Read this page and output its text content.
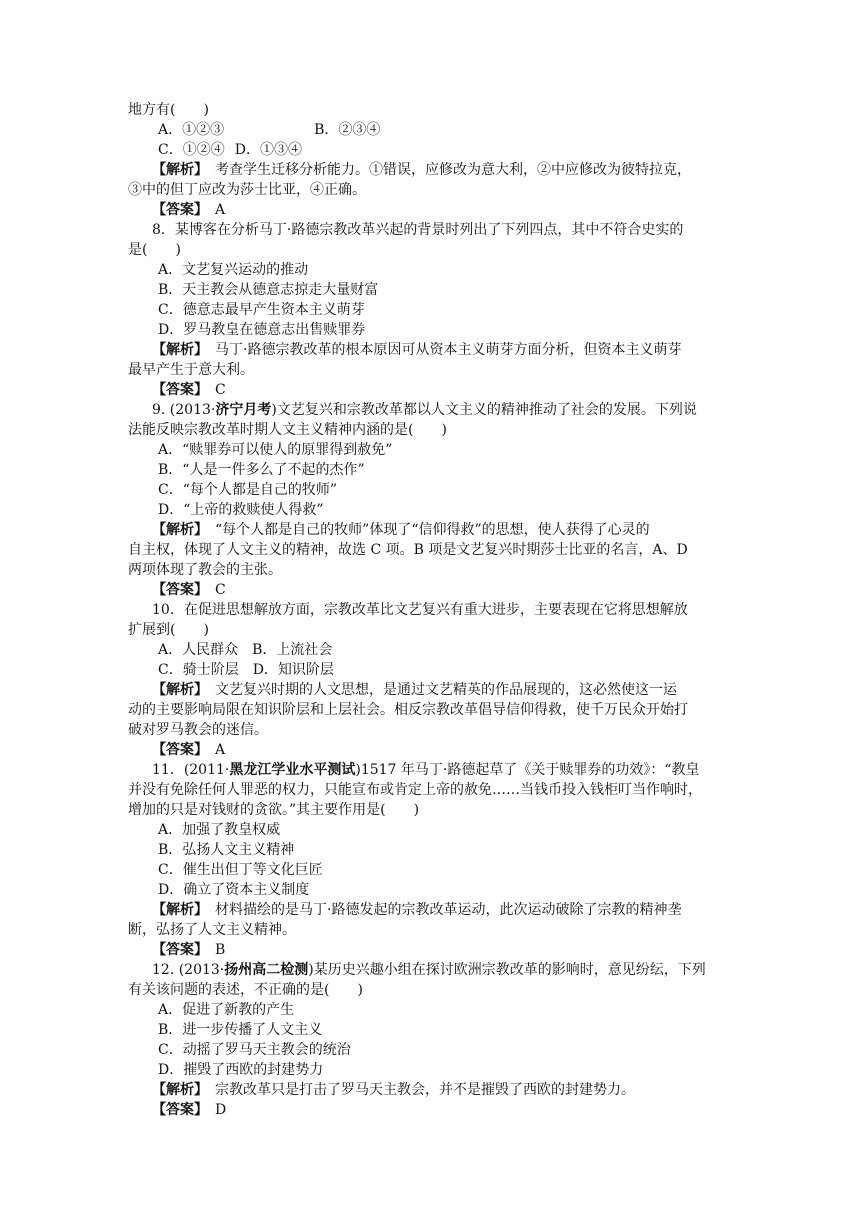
地方有(　　)
A．①②③	B．②③④
C．①②④ D．①③④
【解析】　 考查学生迁移分析能力。①错误，应修改为意大利，②中应修改为彼特拉克，
③中的但丁应改为莎士比亚，④正确。
【答案】　 A
8．某博客在分析马丁·路德宗教改革兴起的背景时列出了下列四点，其中不符合史实的
是(　　)
A．文艺复兴运动的推动
B．天主教会从德意志掠走大量财富
C．德意志最早产生资本主义萌芽
D．罗马教皇在德意志出售赎罪券
【解析】　 马丁·路德宗教改革的根本原因可从资本主义萌芽方面分析，但资本主义萌芽
最早产生于意大利。
【答案】　 C
9. (2013·济宁月考)文艺复兴和宗教改革都以人文主义的精神推动了社会的发展。下列说
法能反映宗教改革时期人文主义精神内涵的是(　　)
A．“赎罪券可以使人的原罪得到赦免”
B．“人是一件多么了不起的杰作”
C．“每个人都是自己的牧师”
D．“上帝的救赎使人得救”
【解析】　 “每个人都是自己的牧师”体现了“信仰得救”的思想，使人获得了心灵的
自主权，体现了人文主义的精神，故选 C 项。B 项是文艺复兴时期莎士比亚的名言，A、D
两项体现了教会的主张。
【答案】　 C
10．在促进思想解放方面，宗教改革比文艺复兴有重大进步，主要表现在它将思想解放
扩展到(　　)
A．人民群众　B．上流社会
C．骑士阶层　D．知识阶层
【解析】　 文艺复兴时期的人文思想，是通过文艺精英的作品展现的，这必然使这一运
动的主要影响局限在知识阶层和上层社会。相反宗教改革倡导信仰得救，使千万民众开始打
破对罗马教会的迷信。
【答案】　 A
11．(2011·黑龙江学业水平测试)1517 年马丁·路德起草了《关于赎罪券的功效》：“教皇
并没有免除任何人罪恶的权力，只能宣布或肯定上帝的赦免……当钱币投入钱柜叮当作响时，
增加的只是对钱财的贪欲。”其主要作用是(　　)
A．加强了教皇权威
B．弘扬人文主义精神
C．催生出但丁等文化巨匠
D．确立了资本主义制度
【解析】　 材料描绘的是马丁·路德发起的宗教改革运动，此次运动破除了宗教的精神垄
断，弘扬了人文主义精神。
【答案】　 B
12. (2013·扬州高二检测)某历史兴趣小组在探讨欧洲宗教改革的影响时，意见纷纭，下列
有关该问题的表述，不正确的是(　　)
A．促进了新教的产生
B．进一步传播了人文主义
C．动摇了罗马天主教会的统治
D．摧毁了西欧的封建势力
【解析】　 宗教改革只是打击了罗马天主教会，并不是摧毁了西欧的封建势力。
【答案】　 D
